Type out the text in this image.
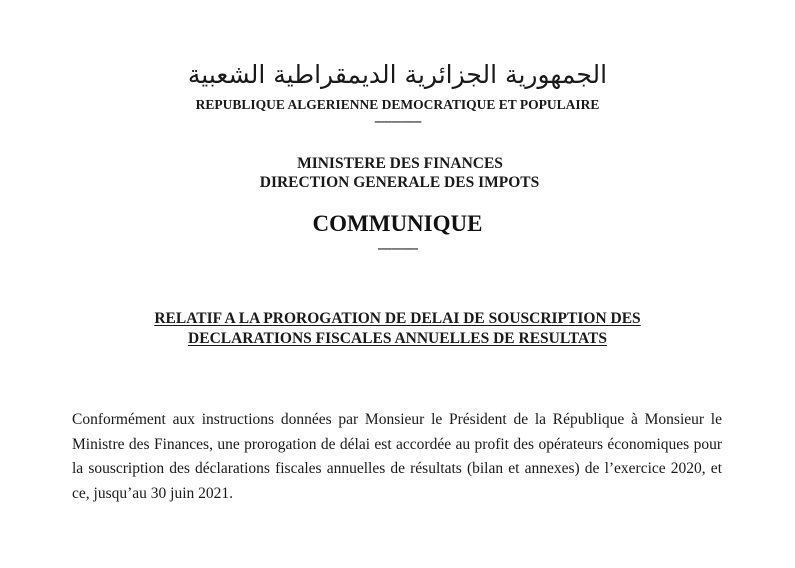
الجمهورية الجزائرية الديمقراطية الشعبية
REPUBLIQUE ALGERIENNE DEMOCRATIQUE ET POPULAIRE
--------------
MINISTERE DES FINANCES
DIRECTION GENERALE DES IMPOTS
COMMUNIQUE
------------
RELATIF A LA PROROGATION DE DELAI DE SOUSCRIPTION DES
DECLARATIONS FISCALES ANNUELLES DE RESULTATS
Conformément aux instructions données par Monsieur le Président de la République à Monsieur le Ministre des Finances, une prorogation de délai est accordée au profit des opérateurs économiques pour la souscription des déclarations fiscales annuelles de résultats (bilan et annexes) de l’exercice 2020, et ce, jusqu’au 30 juin 2021.
